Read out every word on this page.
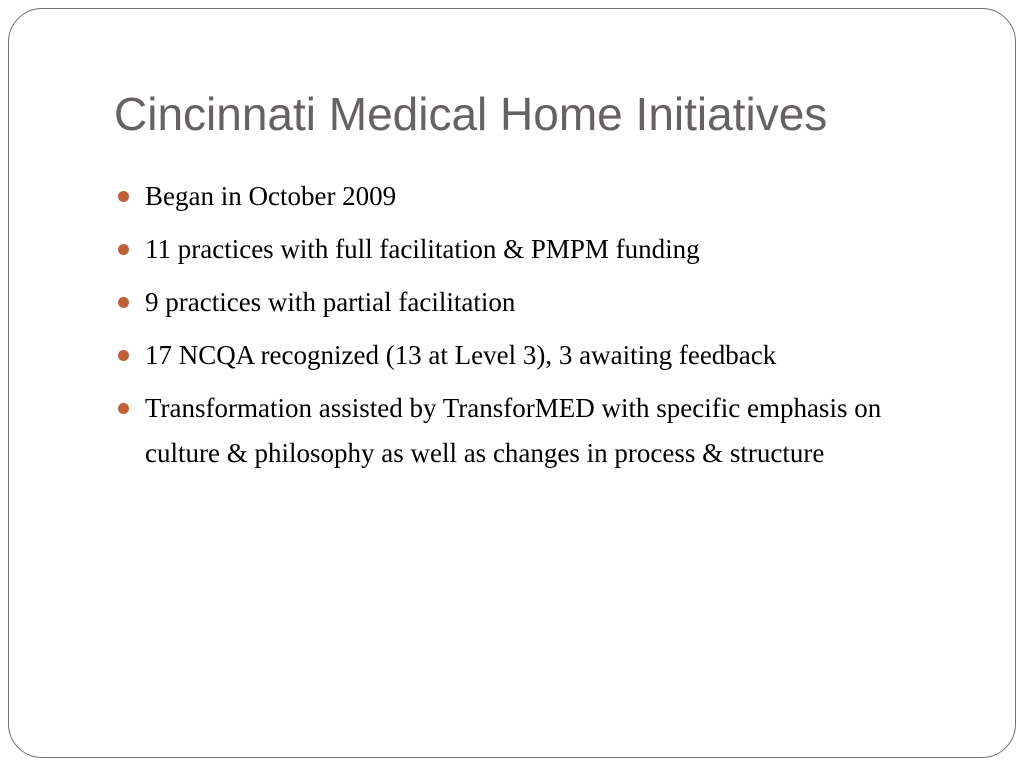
Cincinnati Medical Home Initiatives
Began in October 2009
11 practices with full facilitation & PMPM funding
9 practices with partial facilitation
17 NCQA recognized (13 at Level 3), 3 awaiting feedback
Transformation assisted by TransforMED with specific emphasis on culture & philosophy as well as changes in process & structure
